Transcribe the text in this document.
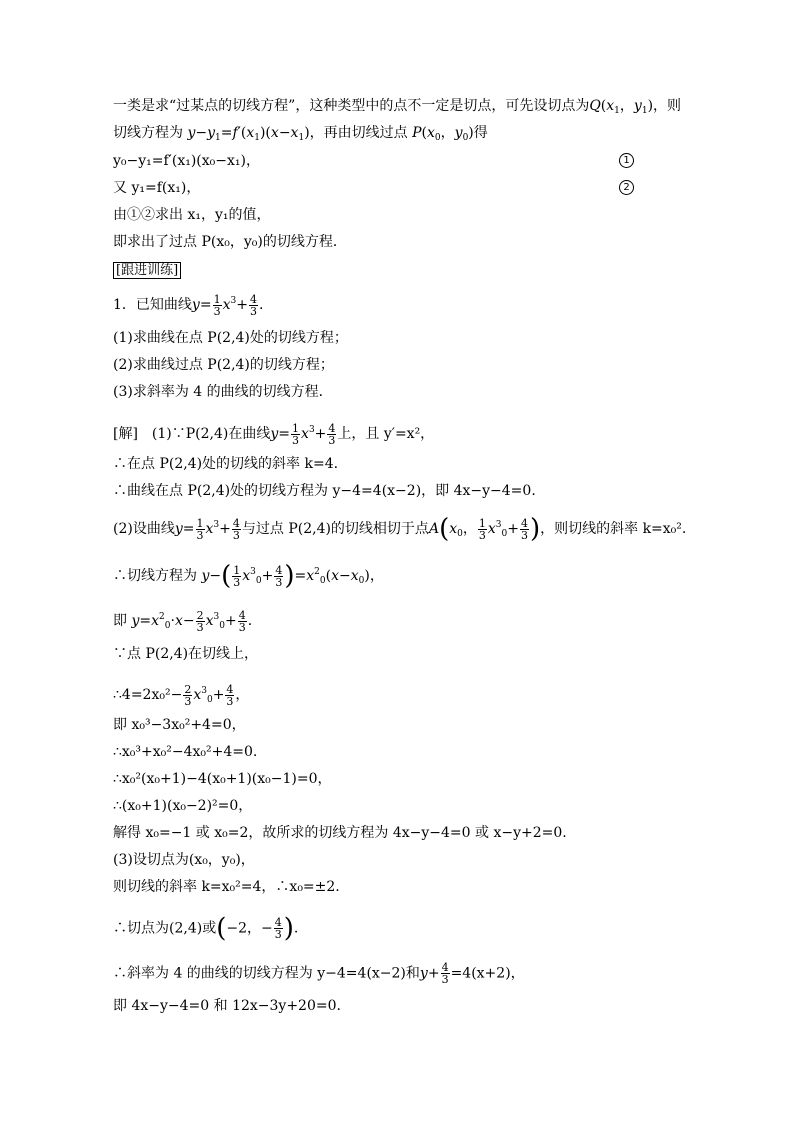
一类是求“过某点的切线方程”，这种类型中的点不一定是切点，可先设切点为$Q(x_1$，$y_1$)，则
切线方程为 $y-y_1=f'(x_1)(x-x_1)$，再由切线过点 $P(x_0$，$y_0$)得
y₀−y₁=f′(x₁)(x₀−x₁)，	1
又 y₁=f(x₁)，	2
由①②求出 x₁，y₁的值，
即求出了过点 P(x₀，y₀)的切线方程．
[跟进训练]
1．已知曲线$y= \frac{1}{3} x^3+ \frac{4}{3}$ .
(1)求曲线在点 P(2,4)处的切线方程；
(2)求曲线过点 P(2,4)的切线方程；
(3)求斜率为 4 的曲线的切线方程．
[解]　(1)∵P(2,4)在曲线$y= \frac{1}{3} x^3+ \frac{4}{3}$ 上，且 y′=x²，
∴在点 P(2,4)处的切线的斜率 k=4.
∴曲线在点 P(2,4)处的切线方程为 y−4=4(x−2)，即 4x−y−4=0.
(2)设曲线$y= \frac{1}{3} x^3+ \frac{4}{3}$ 与过点 P(2,4)的切线相切于点$A(x_0$， $\frac{1}{3} x^3_0+ \frac{4}{3}$ )，则切线的斜率 k=x₀².
∴切线方程为 $y-( \frac{1}{3} x^3_0+ \frac{4}{3} )=x^2_0(x-x_0)$，
即 $y=x^2_0\cdot x- \frac{2}{3} x^3_0+ \frac{4}{3}$ .
∵点 P(2,4)在切线上，
∴4=2x₀²− $\frac{2}{3} x^3_0+ \frac{4}{3}$ ，
即 x₀³−3x₀²+4=0，
∴x₀³+x₀²−4x₀²+4=0.
∴x₀²(x₀+1)−4(x₀+1)(x₀−1)=0，
∴(x₀+1)(x₀−2)²=0，
解得 x₀=−1 或 x₀=2，故所求的切线方程为 4x−y−4=0 或 x−y+2=0.
(3)设切点为(x₀，y₀)，
则切线的斜率 k=x₀²=4，∴x₀=±2.
∴切点为(2,4)或(−2，− $\frac{4}{3}$ ).
∴斜率为 4 的曲线的切线方程为 y−4=4(x−2)和$y+ \frac{4}{3} =4(x+2)$，
即 4x−y−4=0 和 12x−3y+20=0.
